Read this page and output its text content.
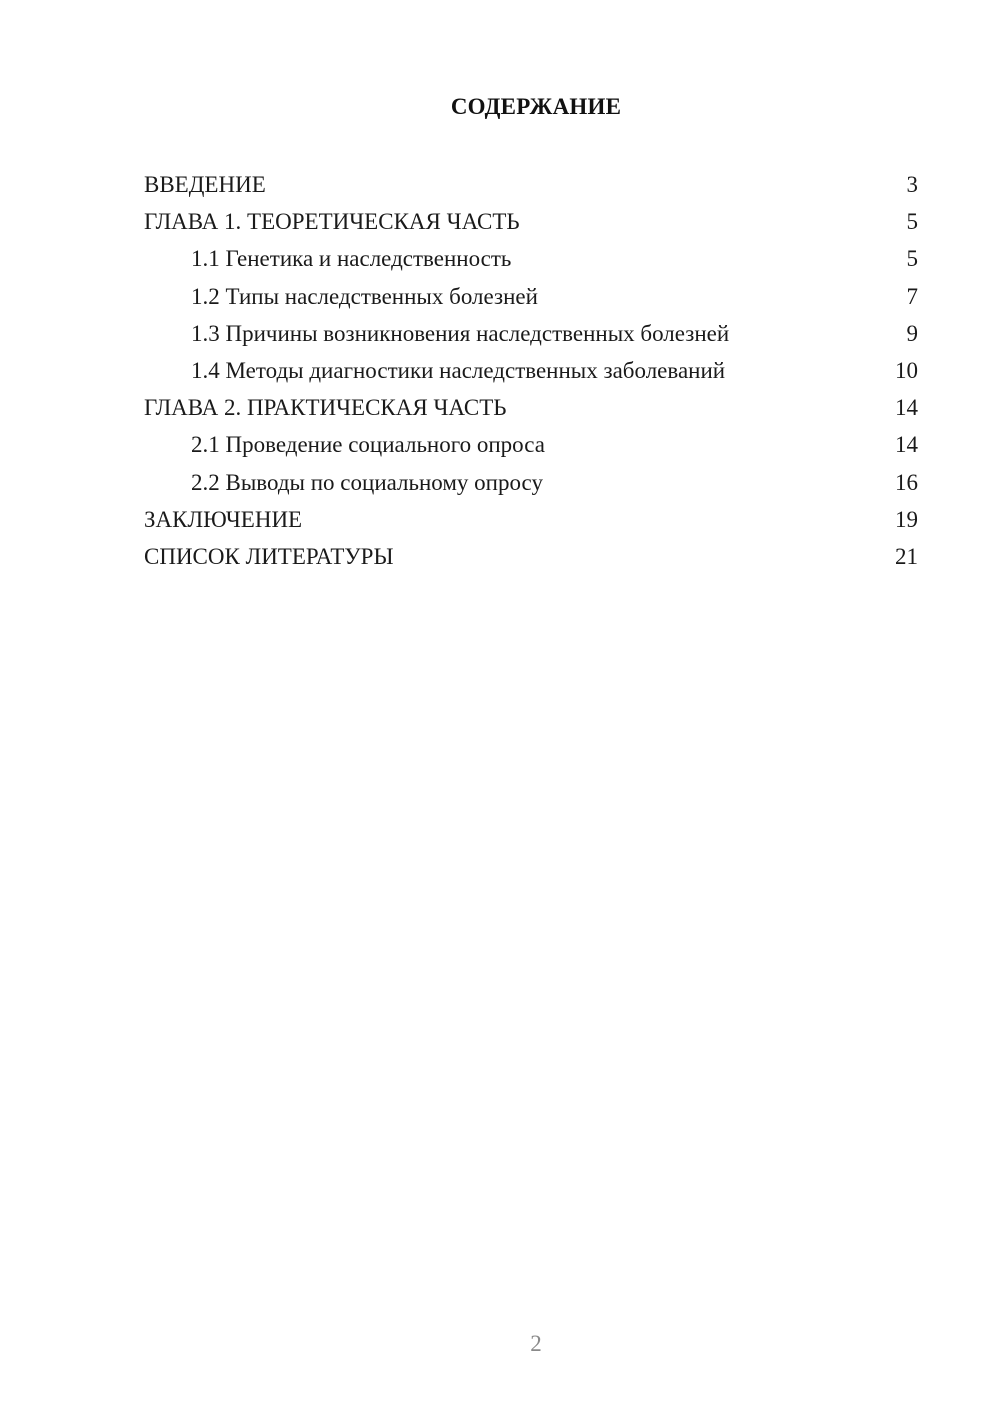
СОДЕРЖАНИЕ
ВВЕДЕНИЕ	3
ГЛАВА 1. ТЕОРЕТИЧЕСКАЯ ЧАСТЬ	5
1.1 Генетика и наследственность	5
1.2 Типы наследственных болезней	7
1.3 Причины возникновения наследственных болезней	9
1.4 Методы диагностики наследственных заболеваний	10
ГЛАВА 2. ПРАКТИЧЕСКАЯ ЧАСТЬ	14
2.1 Проведение социального опроса	14
2.2 Выводы по социальному опросу	16
ЗАКЛЮЧЕНИЕ	19
СПИСОК ЛИТЕРАТУРЫ	21
2
